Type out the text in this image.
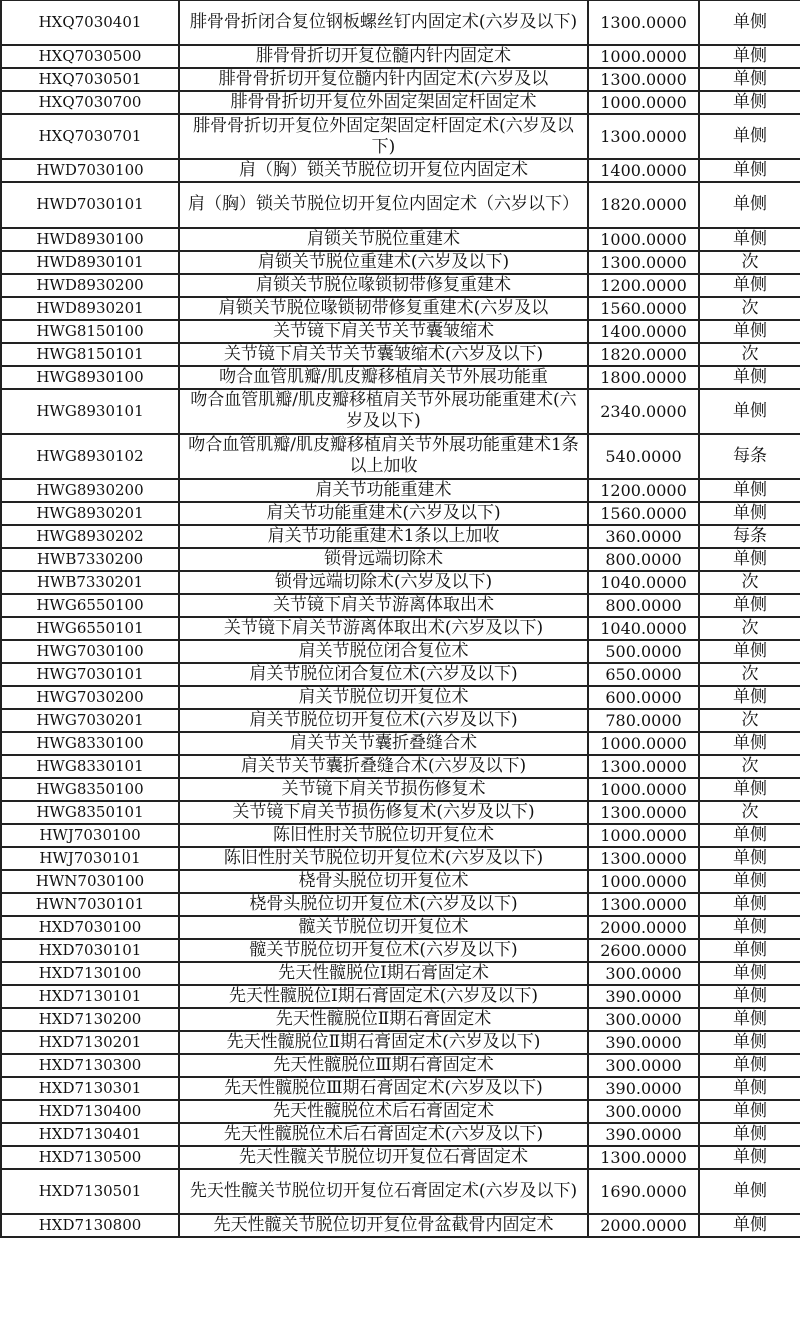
HXQ7030401	腓骨骨折闭合复位钢板螺丝钉内固定术(六岁及以下)	1300.0000	单侧
HXQ7030500	腓骨骨折切开复位髓内针内固定术	1000.0000	单侧
HXQ7030501	腓骨骨折切开复位髓内针内固定术(六岁及以	1300.0000	单侧
HXQ7030700	腓骨骨折切开复位外固定架固定杆固定术	1000.0000	单侧
HXQ7030701	腓骨骨折切开复位外固定架固定杆固定术(六岁及以下)	1300.0000	单侧
HWD7030100	肩（胸）锁关节脱位切开复位内固定术	1400.0000	单侧
HWD7030101	肩（胸）锁关节脱位切开复位内固定术（六岁以下）	1820.0000	单侧
HWD8930100	肩锁关节脱位重建术	1000.0000	单侧
HWD8930101	肩锁关节脱位重建术(六岁及以下)	1300.0000	次
HWD8930200	肩锁关节脱位喙锁韧带修复重建术	1200.0000	单侧
HWD8930201	肩锁关节脱位喙锁韧带修复重建术(六岁及以	1560.0000	次
HWG8150100	关节镜下肩关节关节囊皱缩术	1400.0000	单侧
HWG8150101	关节镜下肩关节关节囊皱缩术(六岁及以下)	1820.0000	次
HWG8930100	吻合血管肌瓣/肌皮瓣移植肩关节外展功能重	1800.0000	单侧
HWG8930101	吻合血管肌瓣/肌皮瓣移植肩关节外展功能重建术(六岁及以下)	2340.0000	单侧
HWG8930102	吻合血管肌瓣/肌皮瓣移植肩关节外展功能重建术1条以上加收	540.0000	每条
HWG8930200	肩关节功能重建术	1200.0000	单侧
HWG8930201	肩关节功能重建术(六岁及以下)	1560.0000	单侧
HWG8930202	肩关节功能重建术1条以上加收	360.0000	每条
HWB7330200	锁骨远端切除术	800.0000	单侧
HWB7330201	锁骨远端切除术(六岁及以下)	1040.0000	次
HWG6550100	关节镜下肩关节游离体取出术	800.0000	单侧
HWG6550101	关节镜下肩关节游离体取出术(六岁及以下)	1040.0000	次
HWG7030100	肩关节脱位闭合复位术	500.0000	单侧
HWG7030101	肩关节脱位闭合复位术(六岁及以下)	650.0000	次
HWG7030200	肩关节脱位切开复位术	600.0000	单侧
HWG7030201	肩关节脱位切开复位术(六岁及以下)	780.0000	次
HWG8330100	肩关节关节囊折叠缝合术	1000.0000	单侧
HWG8330101	肩关节关节囊折叠缝合术(六岁及以下)	1300.0000	次
HWG8350100	关节镜下肩关节损伤修复术	1000.0000	单侧
HWG8350101	关节镜下肩关节损伤修复术(六岁及以下)	1300.0000	次
HWJ7030100	陈旧性肘关节脱位切开复位术	1000.0000	单侧
HWJ7030101	陈旧性肘关节脱位切开复位术(六岁及以下)	1300.0000	单侧
HWN7030100	桡骨头脱位切开复位术	1000.0000	单侧
HWN7030101	桡骨头脱位切开复位术(六岁及以下)	1300.0000	单侧
HXD7030100	髋关节脱位切开复位术	2000.0000	单侧
HXD7030101	髋关节脱位切开复位术(六岁及以下)	2600.0000	单侧
HXD7130100	先天性髋脱位Ⅰ期石膏固定术	300.0000	单侧
HXD7130101	先天性髋脱位Ⅰ期石膏固定术(六岁及以下)	390.0000	单侧
HXD7130200	先天性髋脱位Ⅱ期石膏固定术	300.0000	单侧
HXD7130201	先天性髋脱位Ⅱ期石膏固定术(六岁及以下)	390.0000	单侧
HXD7130300	先天性髋脱位Ⅲ期石膏固定术	300.0000	单侧
HXD7130301	先天性髋脱位Ⅲ期石膏固定术(六岁及以下)	390.0000	单侧
HXD7130400	先天性髋脱位术后石膏固定术	300.0000	单侧
HXD7130401	先天性髋脱位术后石膏固定术(六岁及以下)	390.0000	单侧
HXD7130500	先天性髋关节脱位切开复位石膏固定术	1300.0000	单侧
HXD7130501	先天性髋关节脱位切开复位石膏固定术(六岁及以下)	1690.0000	单侧
HXD7130800	先天性髋关节脱位切开复位骨盆截骨内固定术	2000.0000	单侧
